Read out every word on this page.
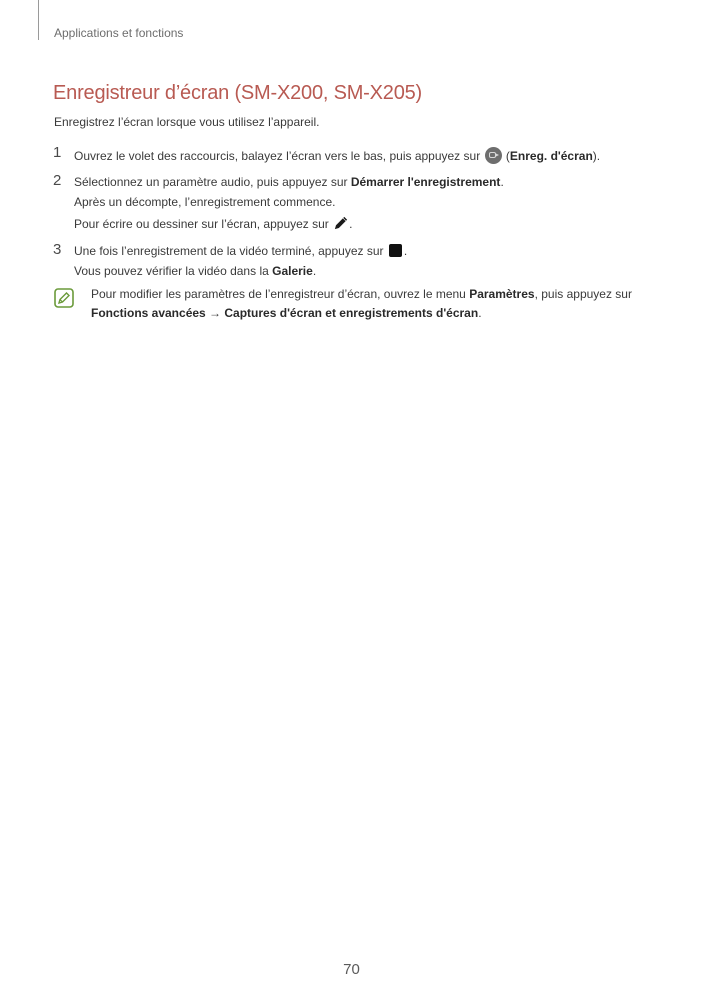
Applications et fonctions
Enregistreur d’écran (SM-X200, SM-X205)
Enregistrez l’écran lorsque vous utilisez l’appareil.
1 Ouvrez le volet des raccourcis, balayez l’écran vers le bas, puis appuyez sur  (Enreg. d'écran).
2 Sélectionnez un paramètre audio, puis appuyez sur Démarrer l'enregistrement.
Après un décompte, l’enregistrement commence.
Pour écrire ou dessiner sur l’écran, appuyez sur .
3 Une fois l’enregistrement de la vidéo terminé, appuyez sur .
Vous pouvez vérifier la vidéo dans la Galerie.
Pour modifier les paramètres de l’enregistreur d’écran, ouvrez le menu Paramètres, puis appuyez sur
Fonctions avancées → Captures d'écran et enregistrements d'écran.
70
